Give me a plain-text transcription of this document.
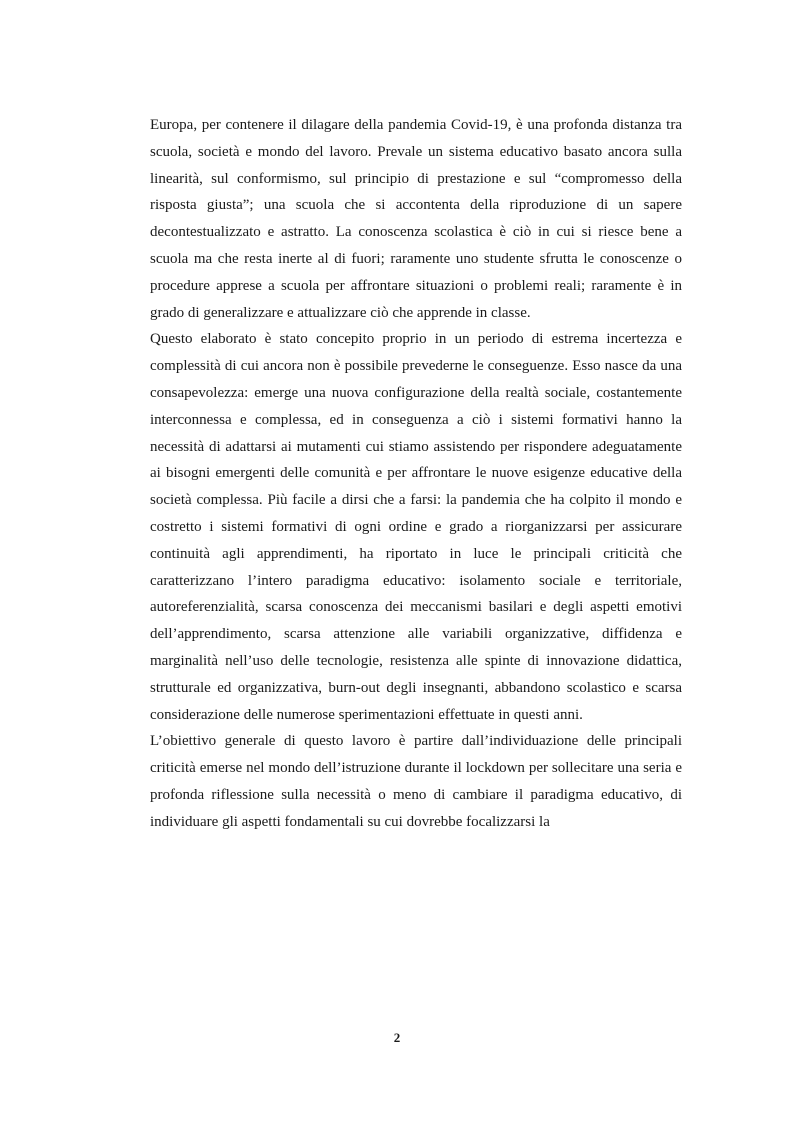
Europa, per contenere il dilagare della pandemia Covid-19, è una profonda distanza tra scuola, società e mondo del lavoro. Prevale un sistema educativo basato ancora sulla linearità, sul conformismo, sul principio di prestazione e sul “compromesso della risposta giusta”; una scuola che si accontenta della riproduzione di un sapere decontestualizzato e astratto. La conoscenza scolastica è ciò in cui si riesce bene a scuola ma che resta inerte al di fuori; raramente uno studente sfrutta le conoscenze o procedure apprese a scuola per affrontare situazioni o problemi reali; raramente è in grado di generalizzare e attualizzare ciò che apprende in classe.

Questo elaborato è stato concepito proprio in un periodo di estrema incertezza e complessità di cui ancora non è possibile prevederne le conseguenze. Esso nasce da una consapevolezza: emerge una nuova configurazione della realtà sociale, costantemente interconnessa e complessa, ed in conseguenza a ciò i sistemi formativi hanno la necessità di adattarsi ai mutamenti cui stiamo assistendo per rispondere adeguatamente ai bisogni emergenti delle comunità e per affrontare le nuove esigenze educative della società complessa. Più facile a dirsi che a farsi: la pandemia che ha colpito il mondo e costretto i sistemi formativi di ogni ordine e grado a riorganizzarsi per assicurare continuità agli apprendimenti, ha riportato in luce le principali criticità che caratterizzano l’intero paradigma educativo: isolamento sociale e territoriale, autoreferenzialità, scarsa conoscenza dei meccanismi basilari e degli aspetti emotivi dell’apprendimento, scarsa attenzione alle variabili organizzative, diffidenza e marginalità nell’uso delle tecnologie, resistenza alle spinte di innovazione didattica, strutturale ed organizzativa, burn-out degli insegnanti, abbandono scolastico e scarsa considerazione delle numerose sperimentazioni effettuate in questi anni.

L’obiettivo generale di questo lavoro è partire dall’individuazione delle principali criticità emerse nel mondo dell’istruzione durante il lockdown per sollecitare una seria e profonda riflessione sulla necessità o meno di cambiare il paradigma educativo, di individuare gli aspetti fondamentali su cui dovrebbe focalizzarsi la

2
